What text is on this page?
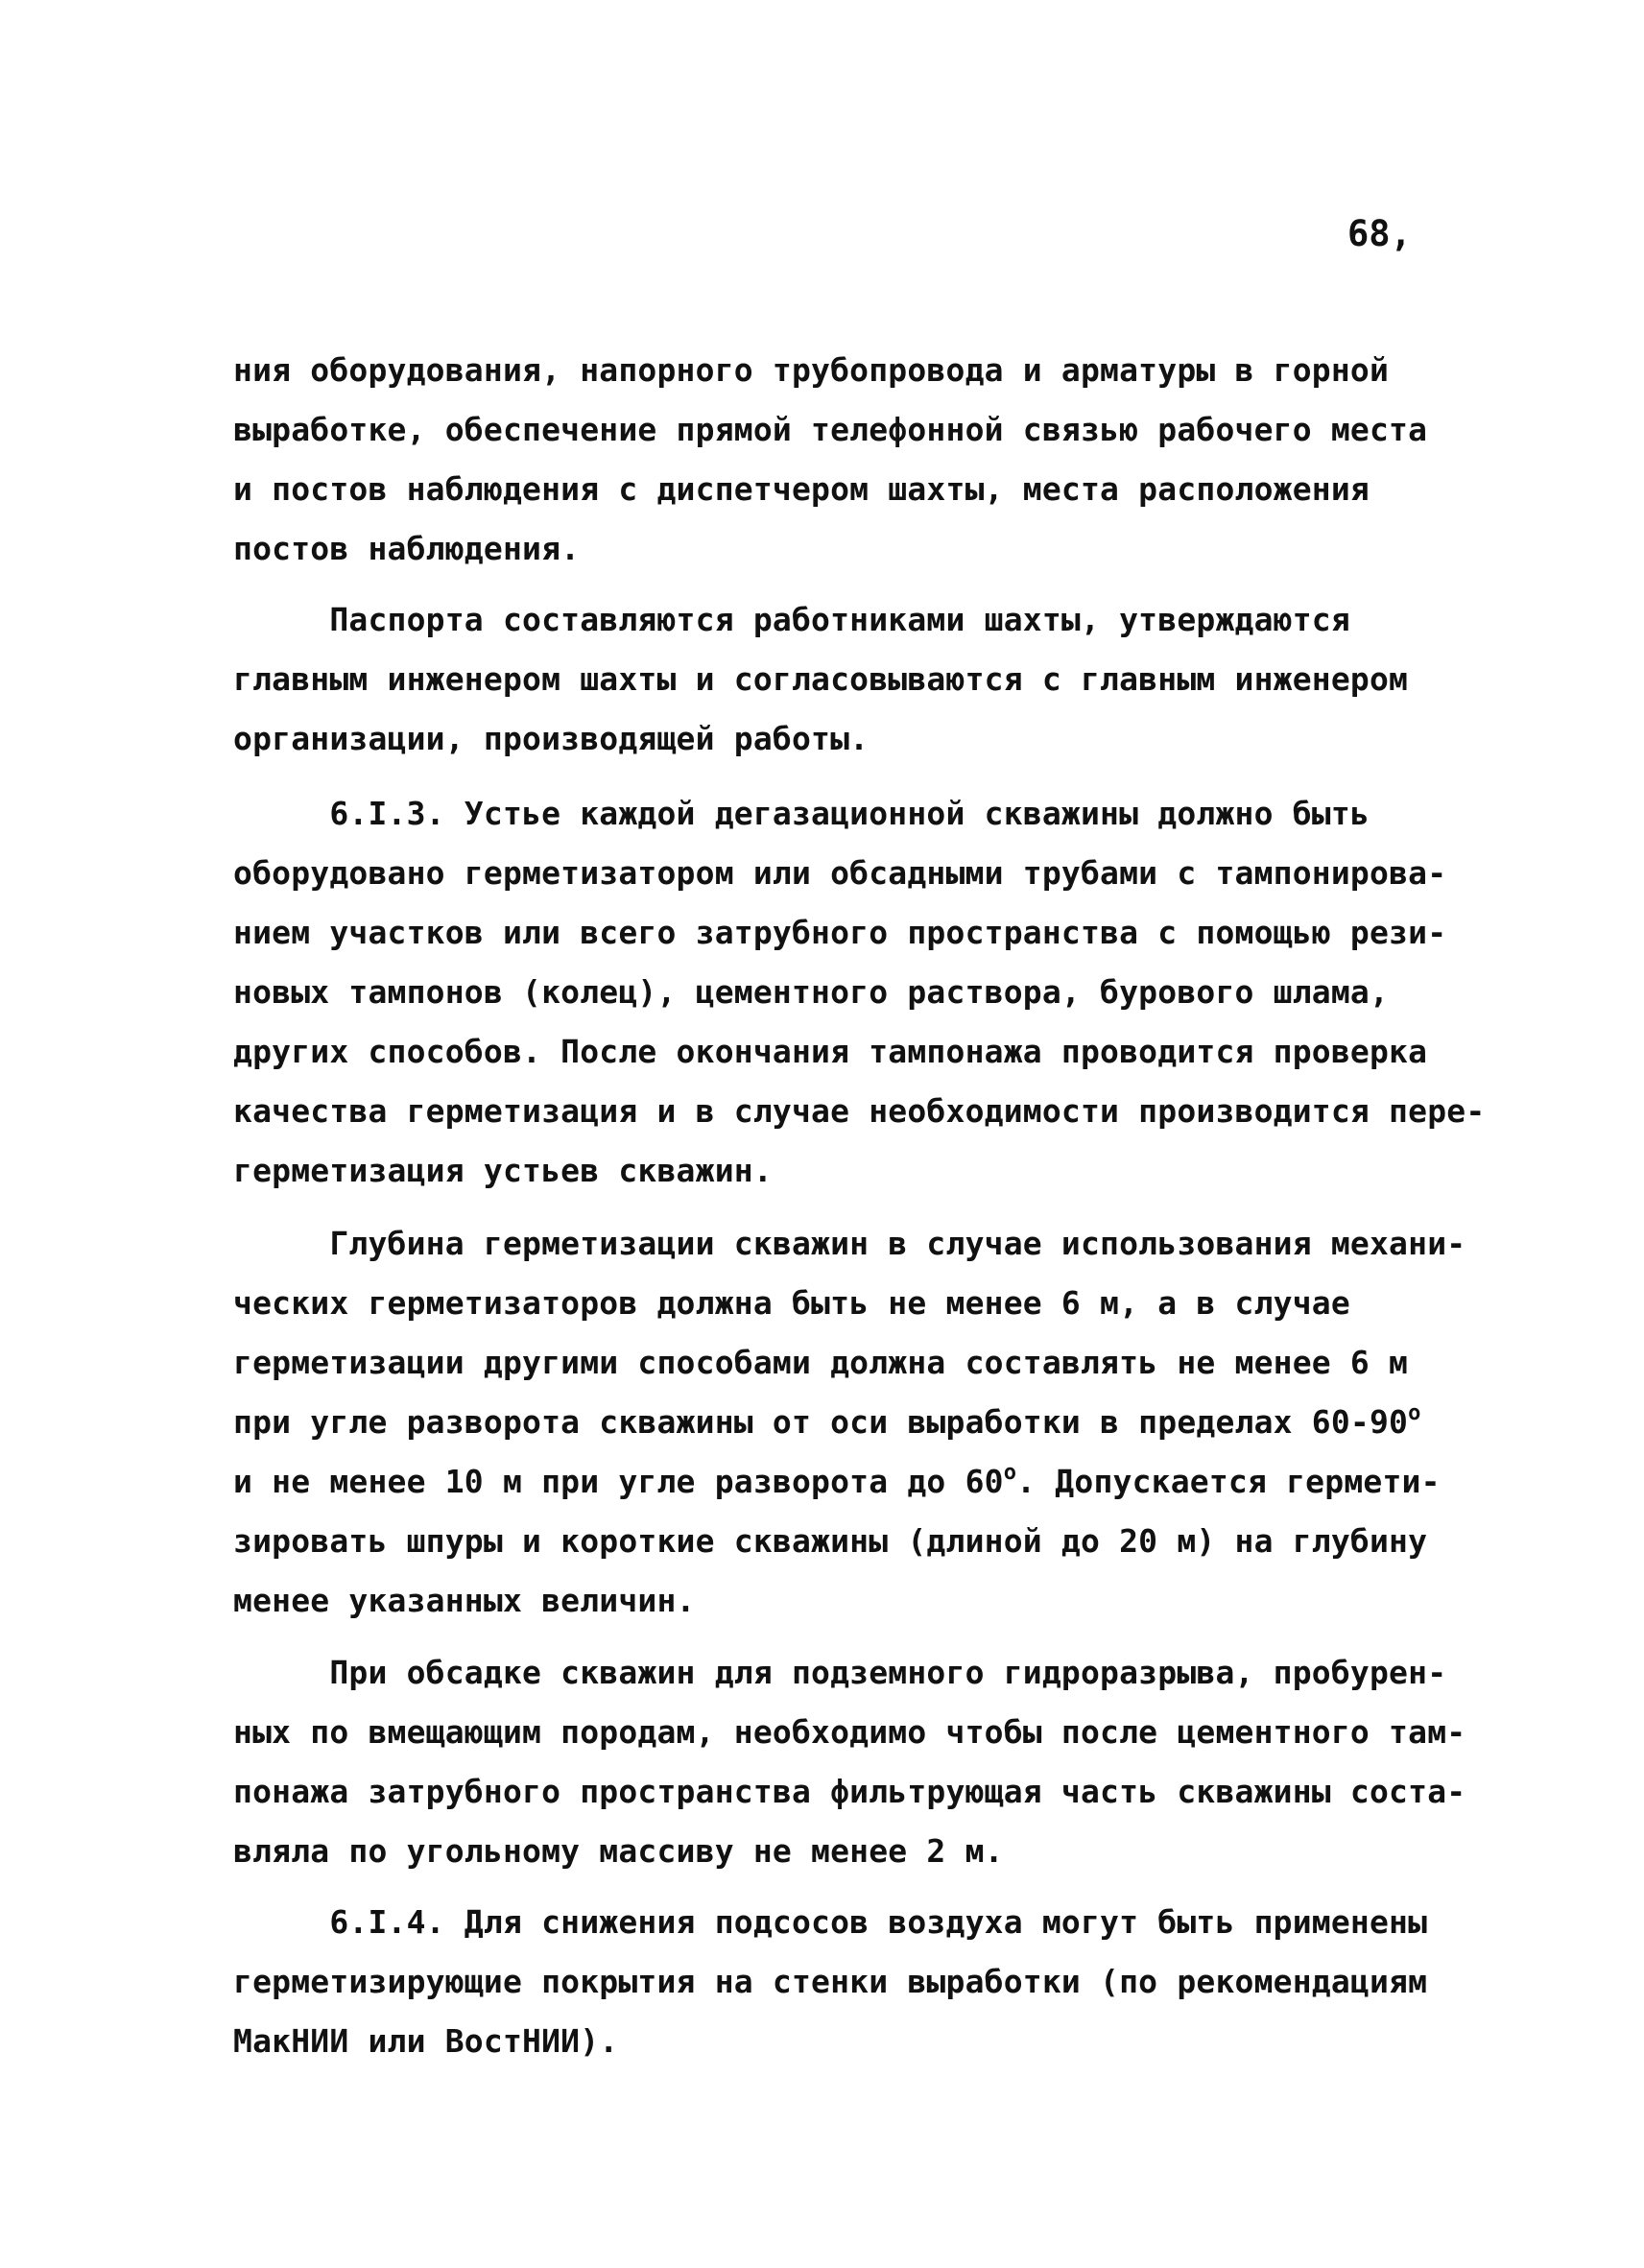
68,
ния оборудования, напорного трубопровода и арматуры в горной
выработке, обеспечение прямой телефонной связью рабочего места
и постов наблюдения с диспетчером шахты, места расположения
постов наблюдения.
Паспорта составляются работниками шахты, утверждаются
главным инженером шахты и согласовываются с главным инженером
организации, производящей работы.
6.I.3. Устье каждой дегазационной скважины должно быть
оборудовано герметизатором или обсадными трубами с тампонирова-
нием участков или всего затрубного пространства с помощью рези-
новых тампонов (колец), цементного раствора, бурового шлама,
других способов. После окончания тампонажа проводится проверка
качества герметизация и в случае необходимости производится пере-
герметизация устьев скважин.
Глубина герметизации скважин в случае использования механи-
ческих герметизаторов должна быть не менее 6 м, а в случае
герметизации другими способами должна составлять не менее 6 м
при угле разворота скважины от оси выработки в пределах 60-90$^o$
и не менее 10 м при угле разворота до 60$^o$. Допускается гермети-
зировать шпуры и короткие скважины (длиной до 20 м) на глубину
менее указанных величин.
При обсадке скважин для подземного гидроразрыва, пробурен-
ных по вмещающим породам, необходимо чтобы после цементного там-
понажа затрубного пространства фильтрующая часть скважины соста-
вляла по угольному массиву не менее 2 м.
6.I.4. Для снижения подсосов воздуха могут быть применены
герметизирующие покрытия на стенки выработки (по рекомендациям
МакНИИ или ВостНИИ).
